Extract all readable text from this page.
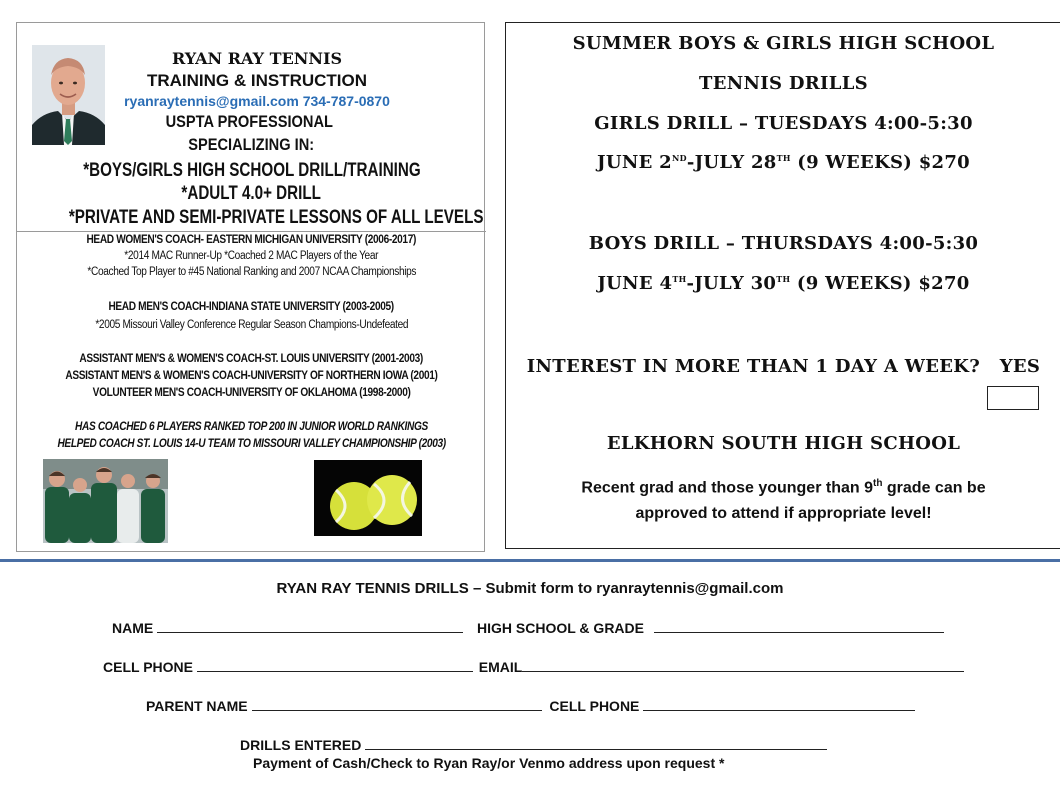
RYAN RAY TENNIS
TRAINING & INSTRUCTION
ryanraytennis@gmail.com 734-787-0870
USPTA PROFESSIONAL
SPECIALIZING IN:
*BOYS/GIRLS HIGH SCHOOL DRILL/TRAINING
*ADULT 4.0+ DRILL
*PRIVATE AND SEMI-PRIVATE LESSONS OF ALL LEVELS
HEAD WOMEN'S COACH- EASTERN MICHIGAN UNIVERSITY (2006-2017)
*2014 MAC Runner-Up *Coached 2 MAC Players of the Year
*Coached Top Player to #45 National Ranking and 2007 NCAA Championships
HEAD MEN'S COACH-INDIANA STATE UNIVERSITY (2003-2005)
*2005 Missouri Valley Conference Regular Season Champions-Undefeated
ASSISTANT MEN'S & WOMEN'S COACH-ST. LOUIS UNIVERSITY (2001-2003)
ASSISTANT MEN'S & WOMEN'S COACH-UNIVERSITY OF NORTHERN IOWA (2001)
VOLUNTEER MEN'S COACH-UNIVERSITY OF OKLAHOMA (1998-2000)
HAS COACHED 6 PLAYERS RANKED TOP 200 IN JUNIOR WORLD RANKINGS
HELPED COACH ST. LOUIS 14-U TEAM TO MISSOURI VALLEY CHAMPIONSHIP (2003)
SUMMER BOYS & GIRLS HIGH SCHOOL
TENNIS DRILLS
GIRLS DRILL – TUESDAYS 4:00-5:30
JUNE 2ND-JULY 28TH (9 WEEKS) $270
BOYS DRILL – THURSDAYS 4:00-5:30
JUNE 4TH-JULY 30TH (9 WEEKS) $270
INTEREST IN MORE THAN 1 DAY A WEEK?   YES
ELKHORN SOUTH HIGH SCHOOL
Recent grad and those younger than 9th grade can be
approved to attend if appropriate level!
RYAN RAY TENNIS DRILLS – Submit form to ryanraytennis@gmail.com
NAME	HIGH SCHOOL & GRADE
CELL PHONE	EMAIL
PARENT NAME	CELL PHONE
DRILLS ENTERED
Payment of Cash/Check to Ryan Ray/or Venmo address upon request *
